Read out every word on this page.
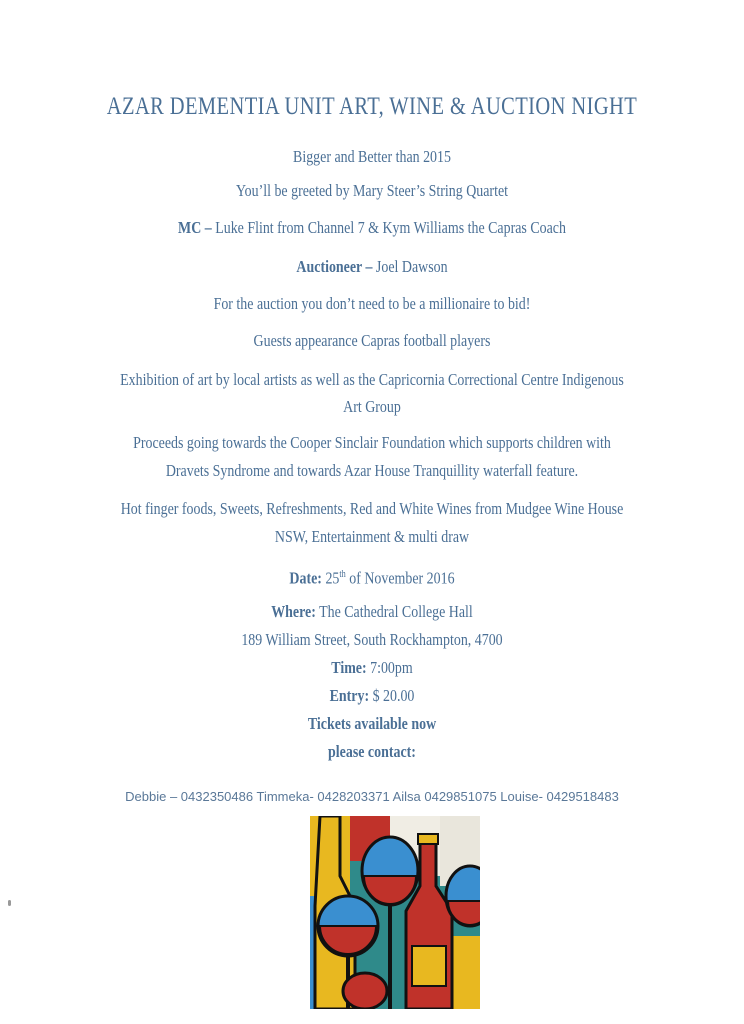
AZAR DEMENTIA UNIT ART, WINE & AUCTION NIGHT
Bigger and Better than 2015
You’ll be greeted by Mary Steer’s String Quartet
MC – Luke Flint from Channel 7 & Kym Williams the Capras Coach
Auctioneer – Joel Dawson
For the auction you don’t need to be a millionaire to bid!
Guests appearance Capras football players
Exhibition of art by local artists as well as the Capricornia Correctional Centre Indigenous
Art Group
Proceeds going towards the Cooper Sinclair Foundation which supports children with
Dravets Syndrome and towards Azar House Tranquillity waterfall feature.
Hot finger foods, Sweets, Refreshments, Red and White Wines from Mudgee Wine House
NSW, Entertainment & multi draw
Date: 25th of November 2016
Where: The Cathedral College Hall
189 William Street, South Rockhampton, 4700
Time: 7:00pm
Entry: $ 20.00
Tickets available now
please contact:
Debbie – 0432350486 Timmeka- 0428203371 Ailsa 0429851075 Louise- 0429518483
